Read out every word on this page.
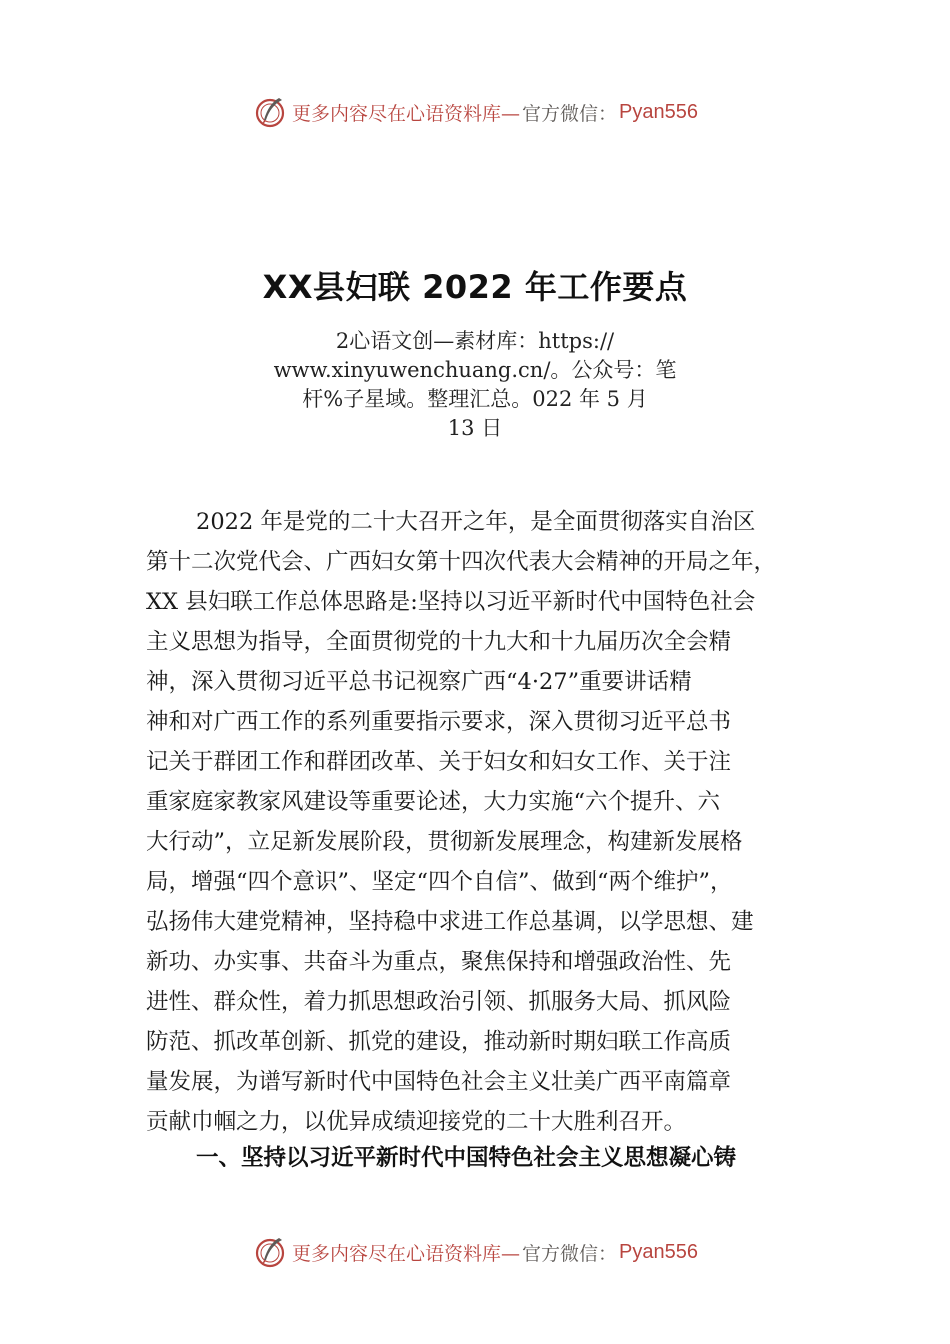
更多内容尽在心语资料库— 官方微信： Pyan556
XX县妇联 2022 年工作要点
2心语文创—素材库：https://
www.xinyuwenchuang.cn/。公众号：笔
杆%子星域。整理汇总。022 年 5 月
13 日
2022 年是党的二十大召开之年，是全面贯彻落实自治区
第十二次党代会、广西妇女第十四次代表大会精神的开局之年，
XX 县妇联工作总体思路是:坚持以习近平新时代中国特色社会
主义思想为指导，全面贯彻党的十九大和十九届历次全会精
神，深入贯彻习近平总书记视察广西“4·27”重要讲话精
神和对广西工作的系列重要指示要求，深入贯彻习近平总书
记关于群团工作和群团改革、关于妇女和妇女工作、关于注
重家庭家教家风建设等重要论述，大力实施“六个提升、六
大行动”，立足新发展阶段，贯彻新发展理念，构建新发展格
局，增强“四个意识”、坚定“四个自信”、做到“两个维护”，
弘扬伟大建党精神，坚持稳中求进工作总基调，以学思想、建
新功、办实事、共奋斗为重点，聚焦保持和增强政治性、先
进性、群众性，着力抓思想政治引领、抓服务大局、抓风险
防范、抓改革创新、抓党的建设，推动新时期妇联工作高质
量发展，为谱写新时代中国特色社会主义壮美广西平南篇章
贡献巾帼之力，以优异成绩迎接党的二十大胜利召开。
一、坚持以习近平新时代中国特色社会主义思想凝心铸
更多内容尽在心语资料库— 官方微信： Pyan556
